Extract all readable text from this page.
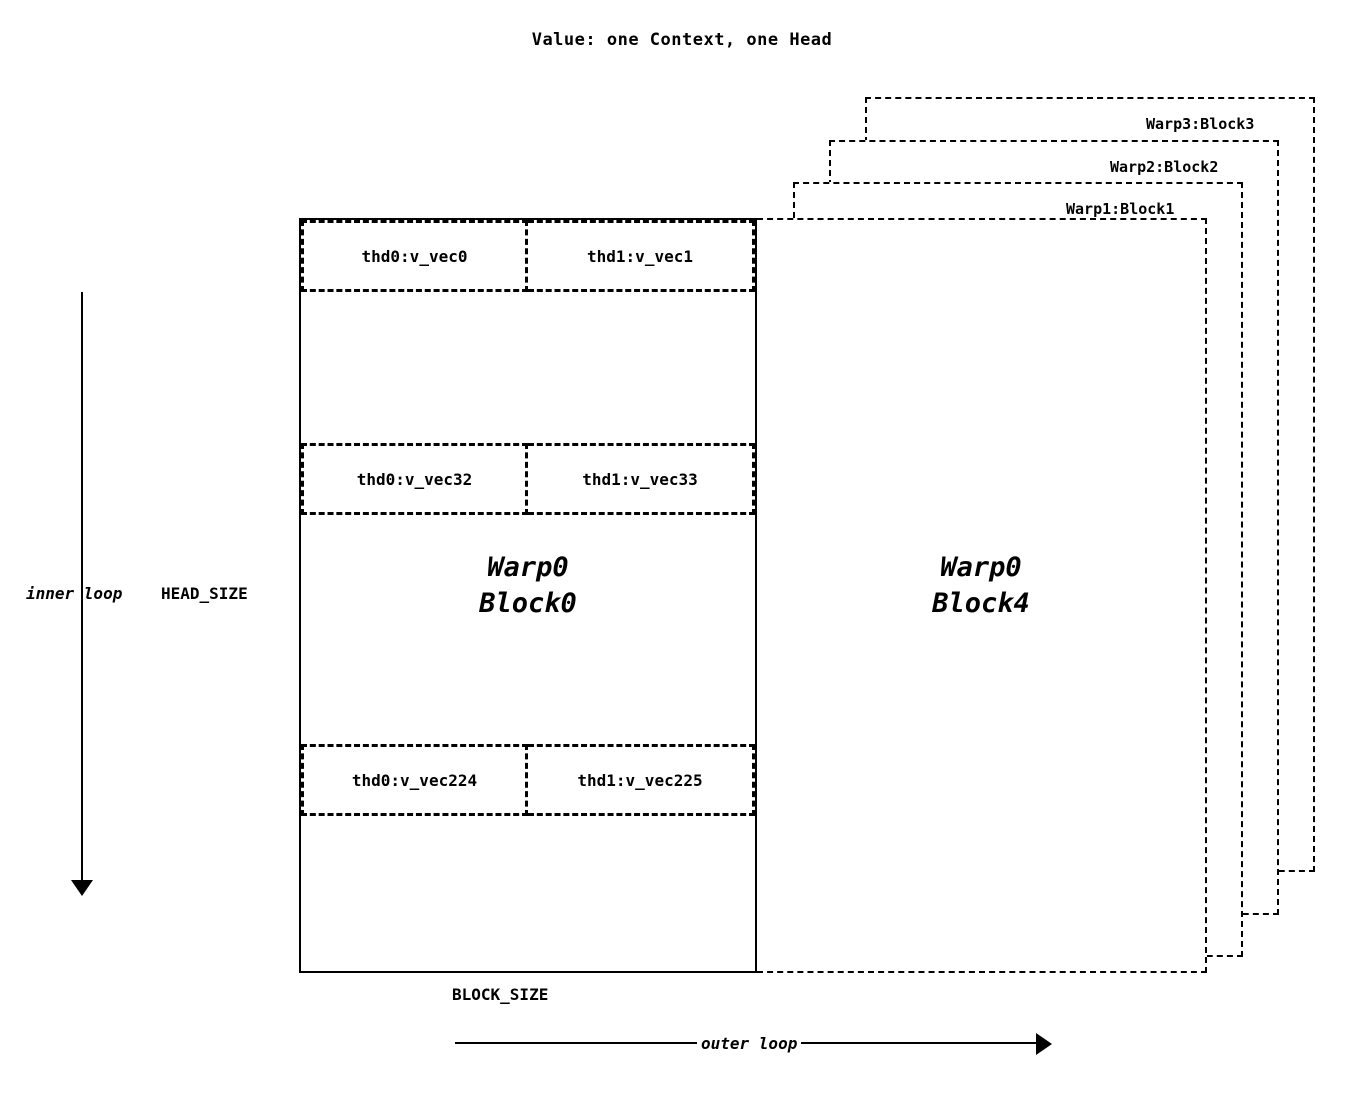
Value: one Context, one Head
Warp3:Block3
Warp2:Block2
Warp1:Block1
Warp0
Block4
Warp0
Block0
thd0:v_vec0	thd1:v_vec1
thd0:v_vec32	thd1:v_vec33
thd0:v_vec224	thd1:v_vec225
inner loop HEAD_SIZE
outer loop
BLOCK_SIZE
